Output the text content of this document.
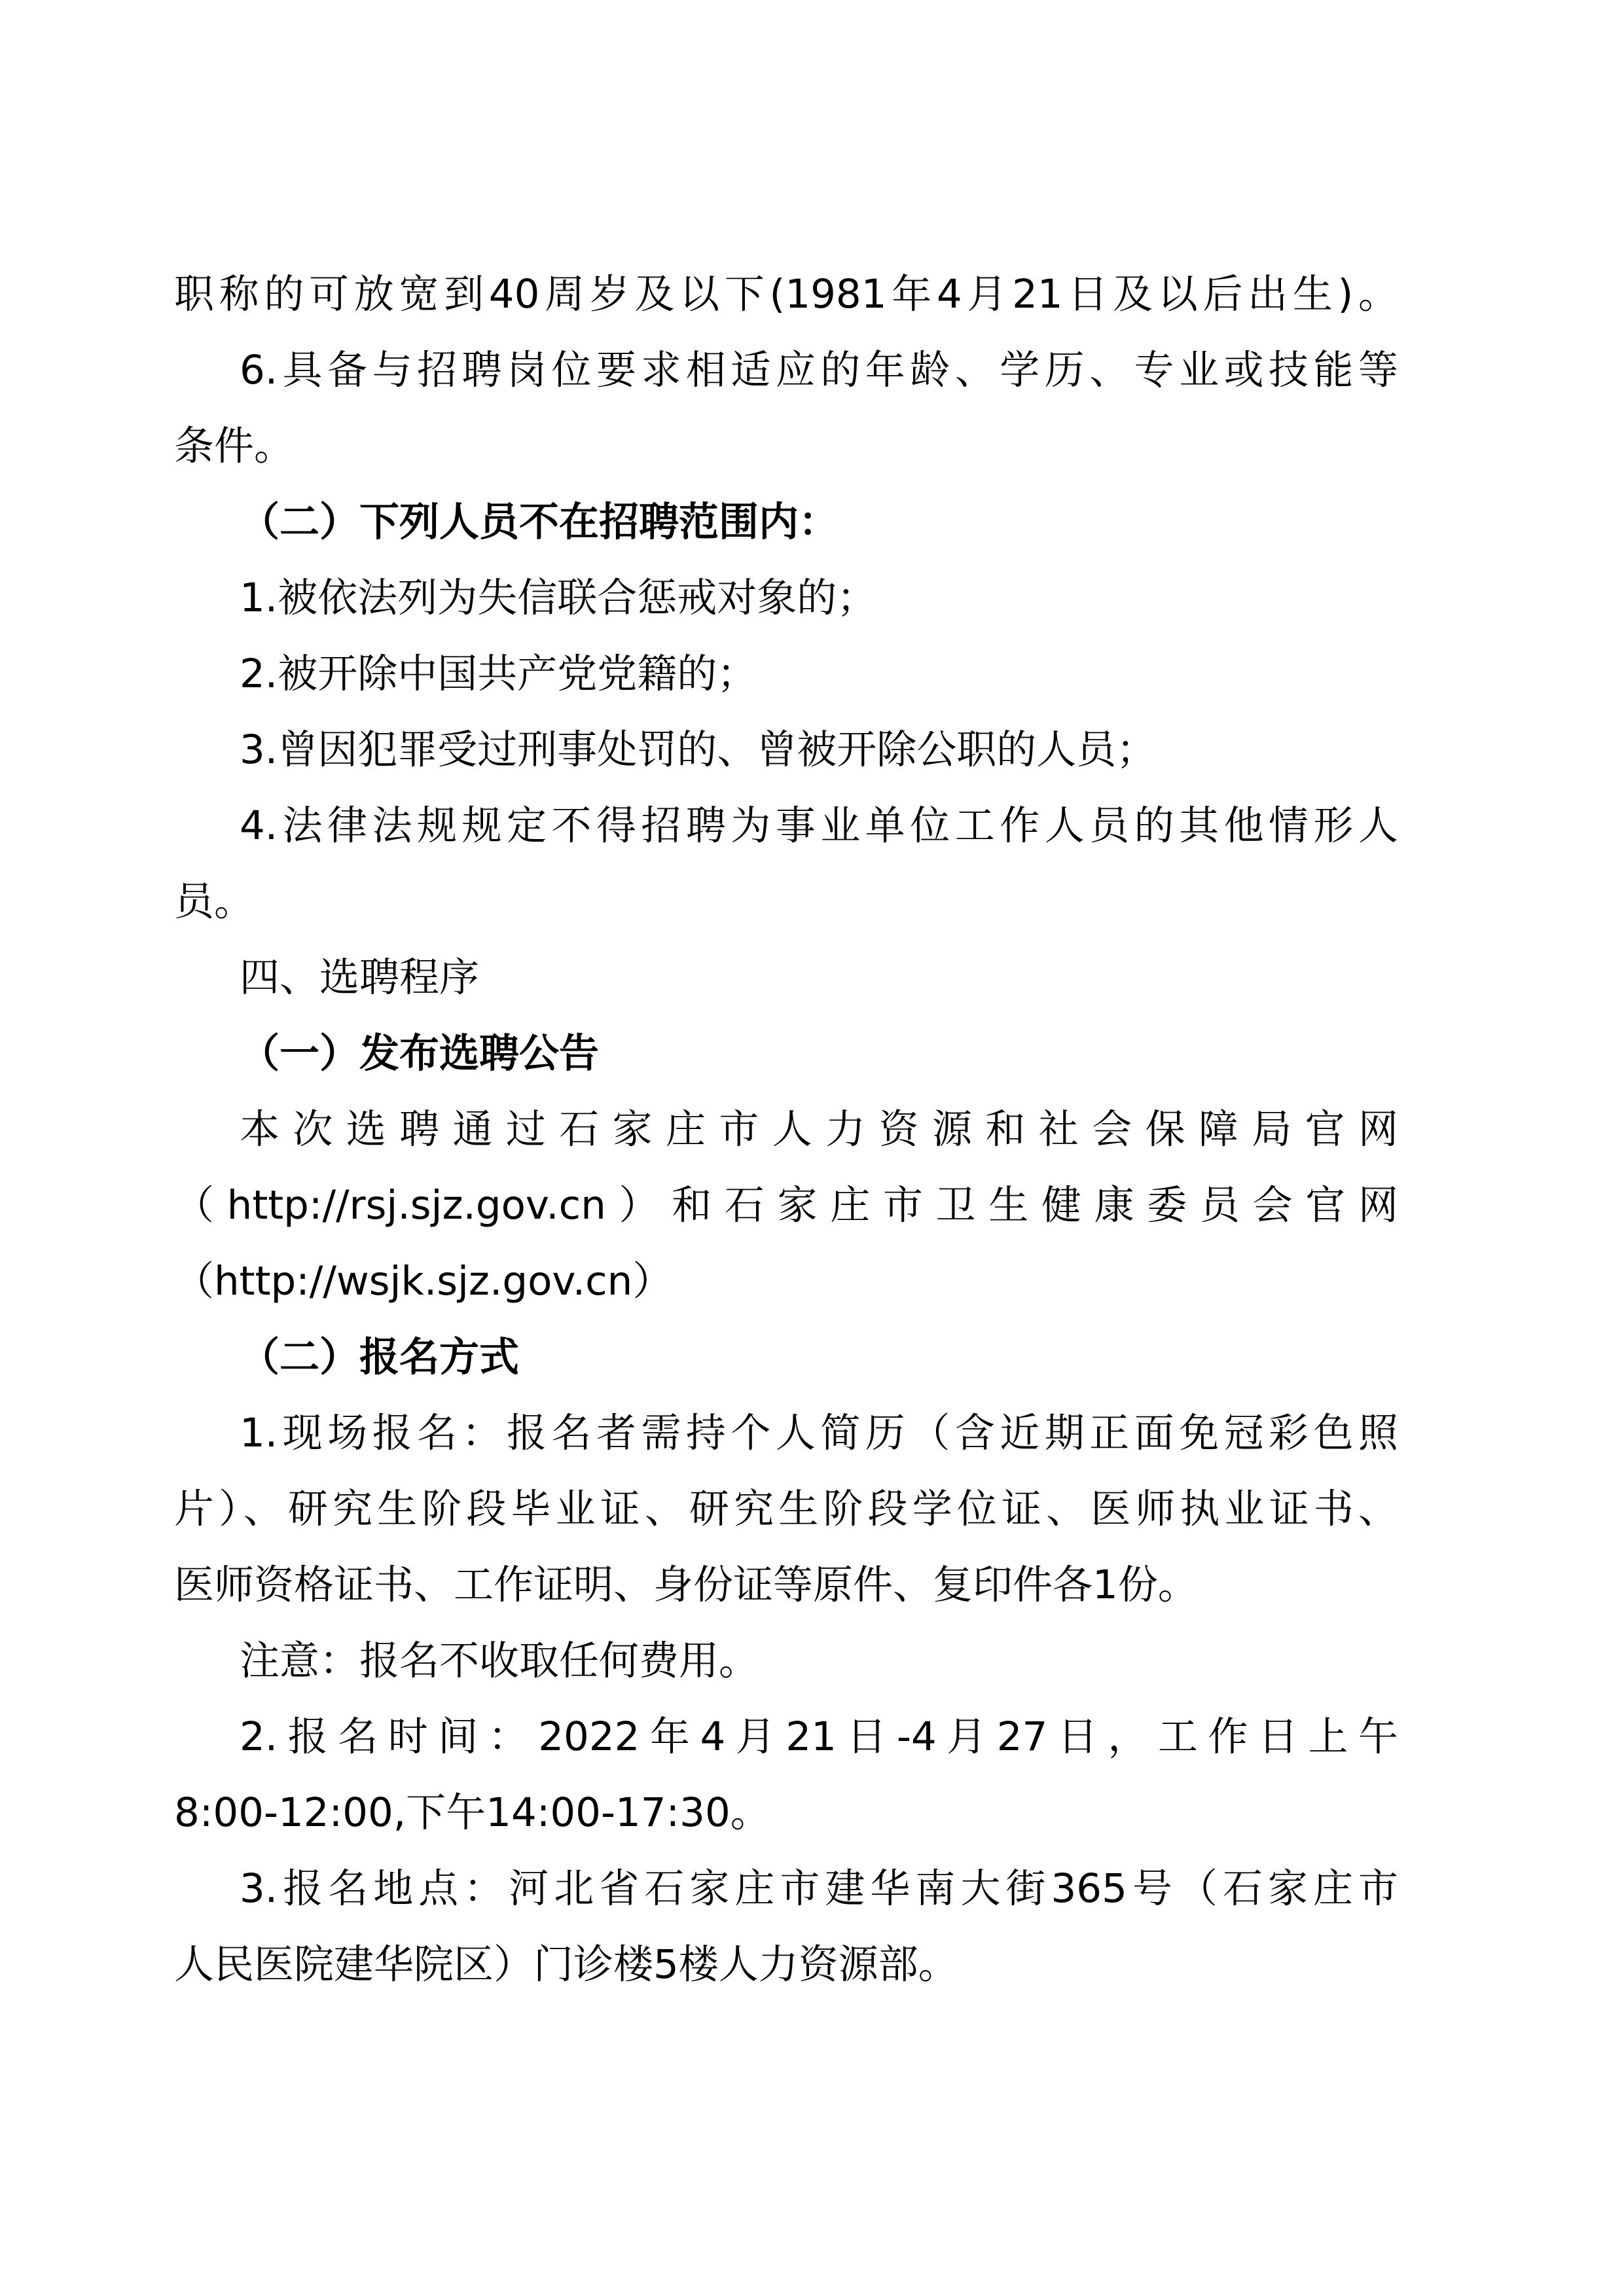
职称的可放宽到40周岁及以下(1981年4月21日及以后出生)。
6.具备与招聘岗位要求相适应的年龄、学历、专业或技能等
条件。
（二）下列人员不在招聘范围内：
1.被依法列为失信联合惩戒对象的；
2.被开除中国共产党党籍的；
3.曾因犯罪受过刑事处罚的、曾被开除公职的人员；
4.法律法规规定不得招聘为事业单位工作人员的其他情形人
员。
四、选聘程序
（一）发布选聘公告
本次选聘通过石家庄市人力资源和社会保障局官网
（http://rsj.sjz.gov.cn）和石家庄市卫生健康委员会官网
（http://wsjk.sjz.gov.cn）
（二）报名方式
1.现场报名：报名者需持个人简历（含近期正面免冠彩色照
片）、研究生阶段毕业证、研究生阶段学位证、医师执业证书、
医师资格证书、工作证明、身份证等原件、复印件各1份。
注意：报名不收取任何费用。
2.报名时间：2022年4月21日-4月27日，工作日上午
8:00-12:00,下午14:00-17:30。
3.报名地点：河北省石家庄市建华南大街365号（石家庄市
人民医院建华院区）门诊楼5楼人力资源部。
